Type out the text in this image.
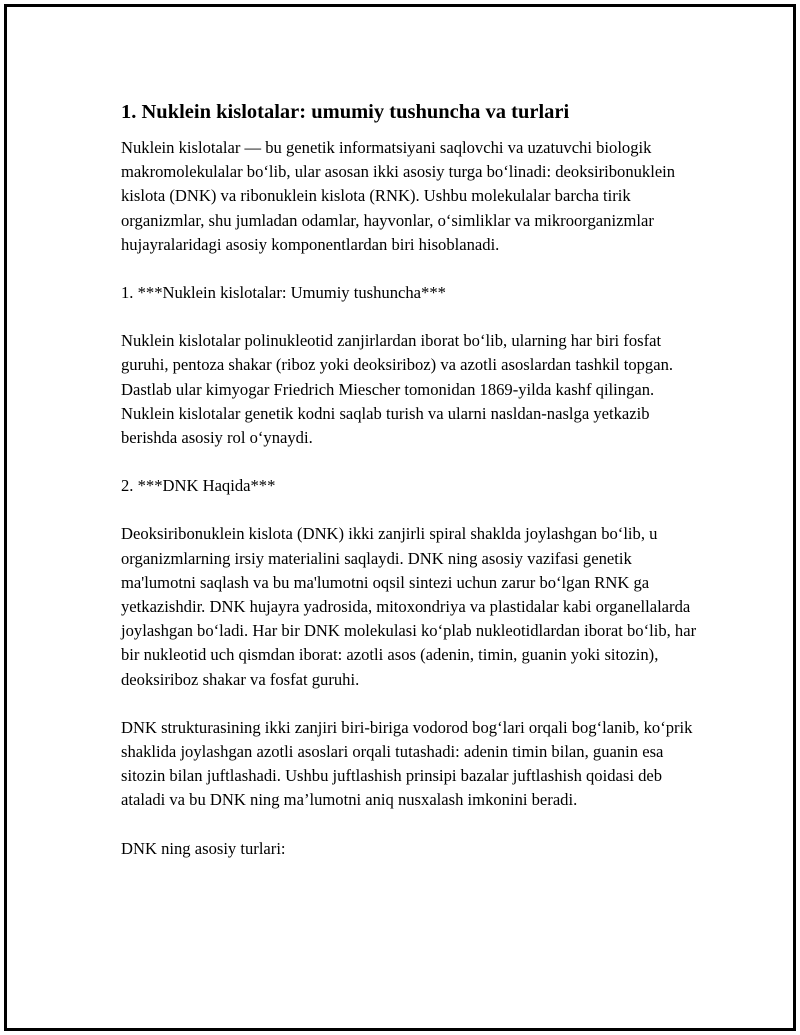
1. Nuklein kislotalar: umumiy tushuncha va turlari

Nuklein kislotalar — bu genetik informatsiyani saqlovchi va uzatuvchi biologik makromolekulalar bo‘lib, ular asosan ikki asosiy turga bo‘linadi: deoksiribonuklein kislota (DNK) va ribonuklein kislota (RNK). Ushbu molekulalar barcha tirik organizmlar, shu jumladan odamlar, hayvonlar, o‘simliklar va mikroorganizmlar hujayralaridagi asosiy komponentlardan biri hisoblanadi.

1. ***Nuklein kislotalar: Umumiy tushuncha***

Nuklein kislotalar polinukleotid zanjirlardan iborat bo‘lib, ularning har biri fosfat guruhi, pentoza shakar (riboz yoki deoksiriboz) va azotli asoslardan tashkil topgan. Dastlab ular kimyogar Friedrich Miescher tomonidan 1869-yilda kashf qilingan. Nuklein kislotalar genetik kodni saqlab turish va ularni nasldan-naslga yetkazib berishda asosiy rol o‘ynaydi.

2. ***DNK Haqida***

Deoksiribonuklein kislota (DNK) ikki zanjirli spiral shaklda joylashgan bo‘lib, u organizmlarning irsiy materialini saqlaydi. DNK ning asosiy vazifasi genetik ma'lumotni saqlash va bu ma'lumotni oqsil sintezi uchun zarur bo‘lgan RNK ga yetkazishdir. DNK hujayra yadrosida, mitoxondriya va plastidalar kabi organellalarda joylashgan bo‘ladi. Har bir DNK molekulasi ko‘plab nukleotidlardan iborat bo‘lib, har bir nukleotid uch qismdan iborat: azotli asos (adenin, timin, guanin yoki sitozin), deoksiriboz shakar va fosfat guruhi.

DNK strukturasining ikki zanjiri biri-biriga vodorod bog‘lari orqali bog‘lanib, ko‘prik shaklida joylashgan azotli asoslari orqali tutashadi: adenin timin bilan, guanin esa sitozin bilan juftlashadi. Ushbu juftlashish prinsipi bazalar juftlashish qoidasi deb ataladi va bu DNK ning ma’lumotni aniq nusxalash imkonini beradi.

DNK ning asosiy turlari:
